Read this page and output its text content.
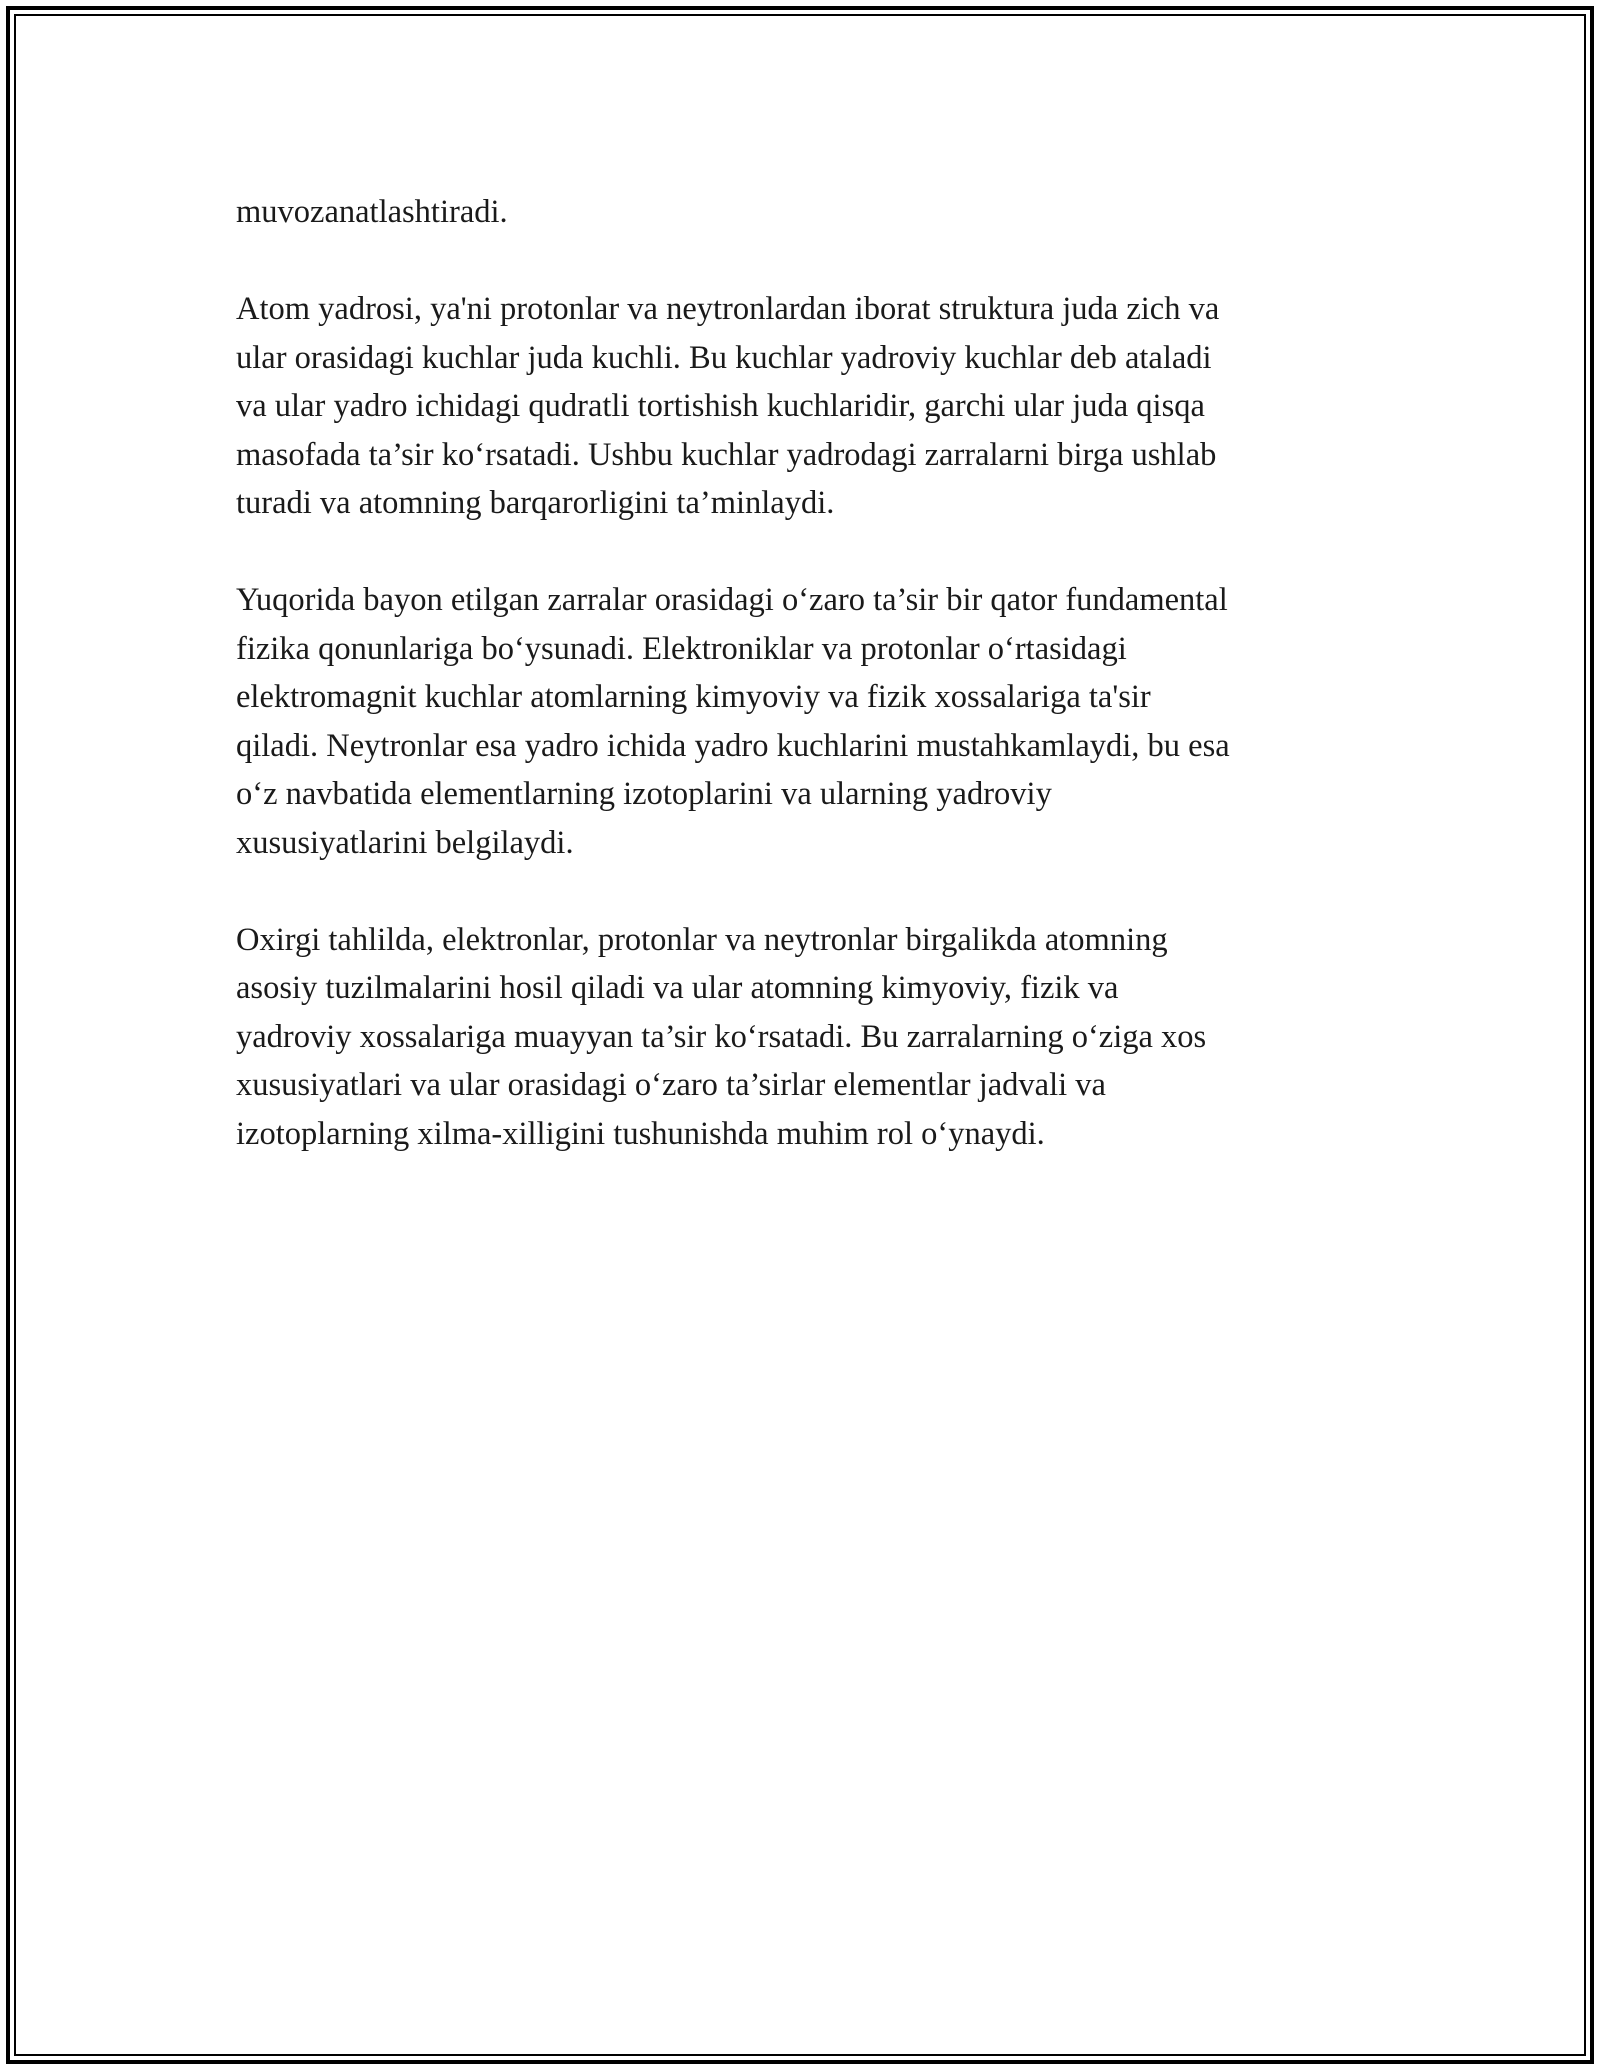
muvozanatlashtiradi.

Atom yadrosi, ya'ni protonlar va neytronlardan iborat struktura juda zich va
ular orasidagi kuchlar juda kuchli. Bu kuchlar yadroviy kuchlar deb ataladi
va ular yadro ichidagi qudratli tortishish kuchlaridir, garchi ular juda qisqa
masofada ta’sir ko‘rsatadi. Ushbu kuchlar yadrodagi zarralarni birga ushlab
turadi va atomning barqarorligini ta’minlaydi.

Yuqorida bayon etilgan zarralar orasidagi o‘zaro ta’sir bir qator fundamental
fizika qonunlariga bo‘ysunadi. Elektroniklar va protonlar o‘rtasidagi
elektromagnit kuchlar atomlarning kimyoviy va fizik xossalariga ta'sir
qiladi. Neytronlar esa yadro ichida yadro kuchlarini mustahkamlaydi, bu esa
o‘z navbatida elementlarning izotoplarini va ularning yadroviy
xususiyatlarini belgilaydi.

Oxirgi tahlilda, elektronlar, protonlar va neytronlar birgalikda atomning
asosiy tuzilmalarini hosil qiladi va ular atomning kimyoviy, fizik va
yadroviy xossalariga muayyan ta’sir ko‘rsatadi. Bu zarralarning o‘ziga xos
xususiyatlari va ular orasidagi o‘zaro ta’sirlar elementlar jadvali va
izotoplarning xilma-xilligini tushunishda muhim rol o‘ynaydi.
